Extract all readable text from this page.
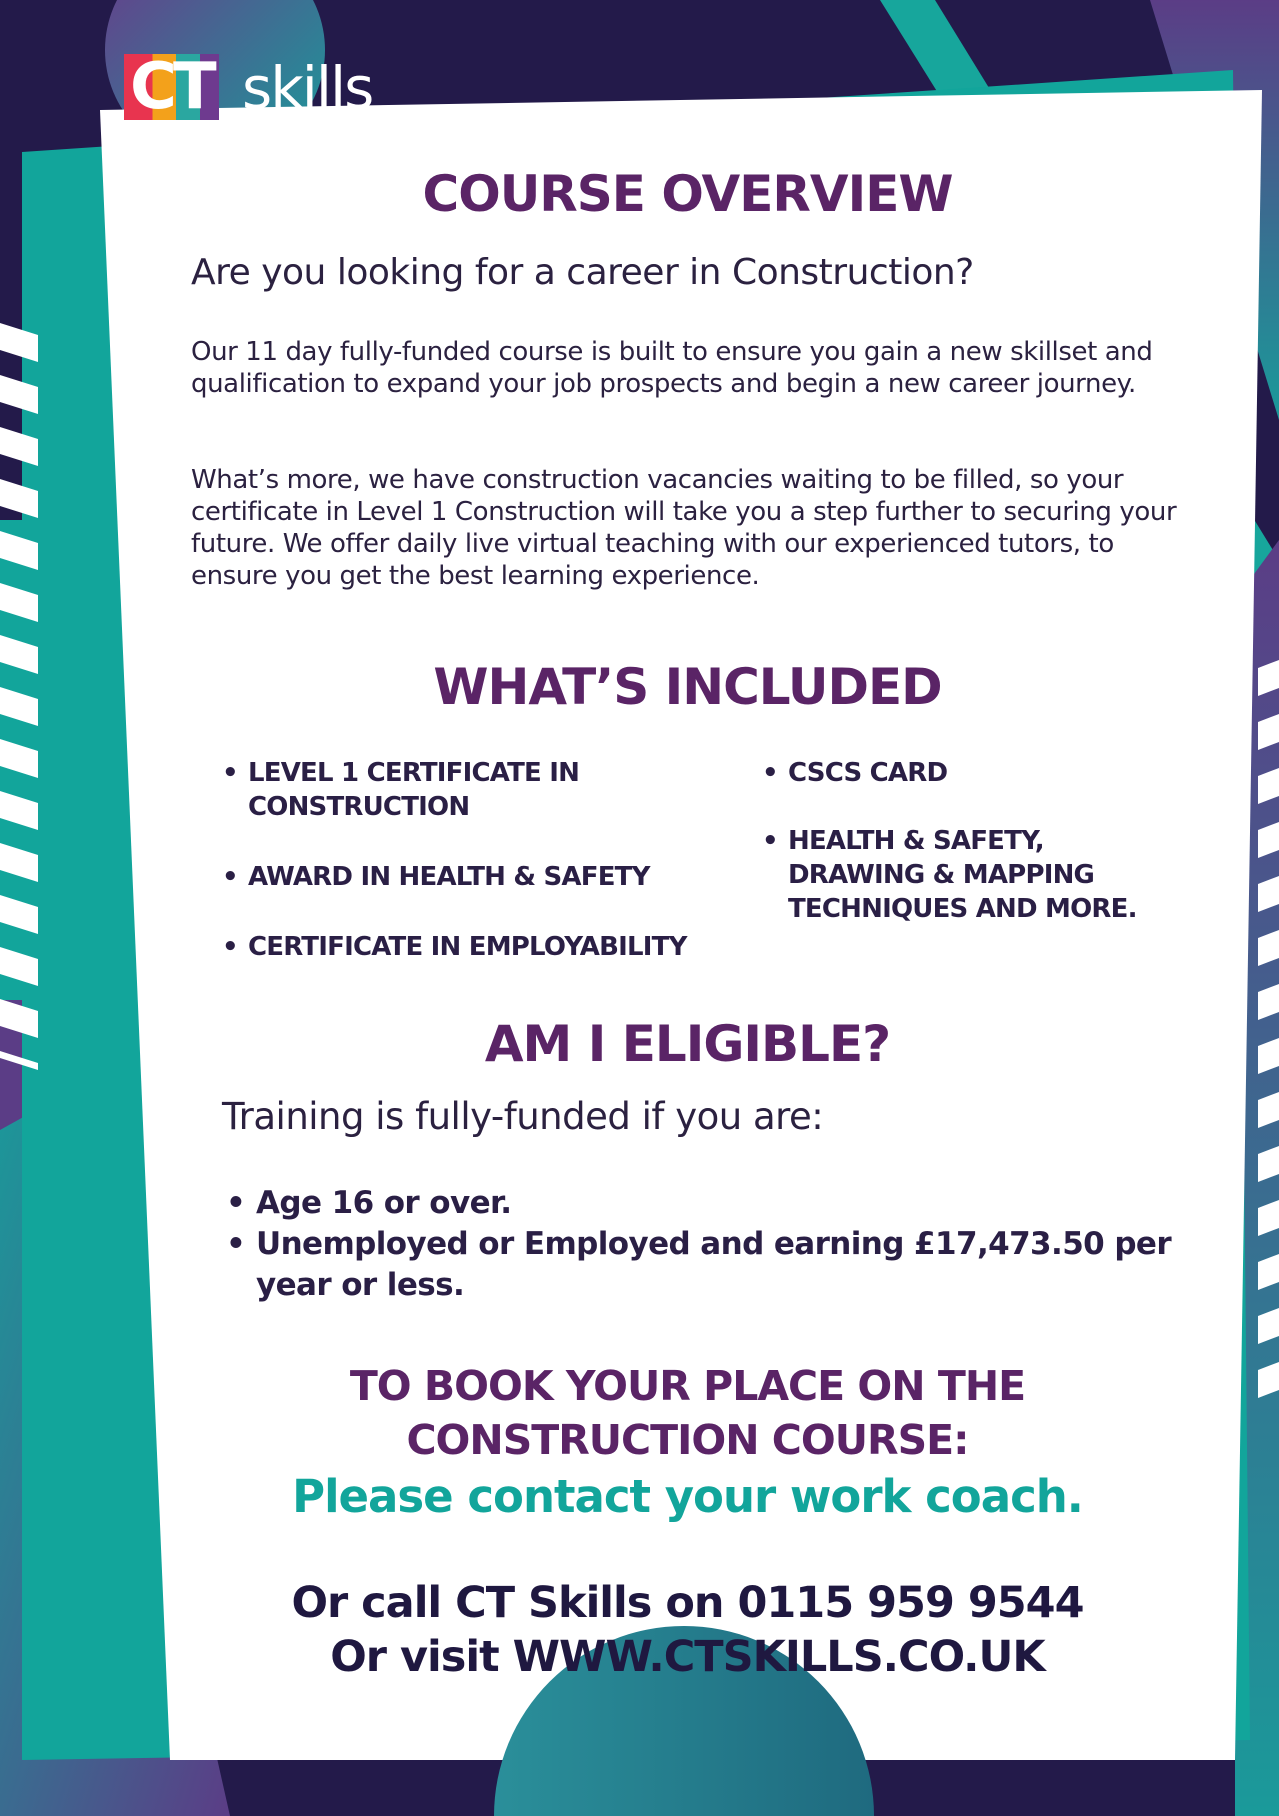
CT skills
COURSE OVERVIEW
Are you looking for a career in Construction?

Our 11 day fully-funded course is built to ensure you gain a new skillset and qualification to expand your job prospects and begin a new career journey.

What’s more, we have construction vacancies waiting to be filled, so your certificate in Level 1 Construction will take you a step further to securing your future. We offer daily live virtual teaching with our experienced tutors, to ensure you get the best learning experience.

WHAT’S INCLUDED
• LEVEL 1 CERTIFICATE IN CONSTRUCTION
• AWARD IN HEALTH & SAFETY
• CERTIFICATE IN EMPLOYABILITY
• CSCS CARD
• HEALTH & SAFETY, DRAWING & MAPPING TECHNIQUES AND MORE.
AM I ELIGIBLE?
Training is fully-funded if you are:
• Age 16 or over.
• Unemployed or Employed and earning £17,473.50 per year or less.
TO BOOK YOUR PLACE ON THE
CONSTRUCTION COURSE:
Please contact your work coach.
Or call CT Skills on 0115 959 9544
Or visit WWW.CTSKILLS.CO.UK
